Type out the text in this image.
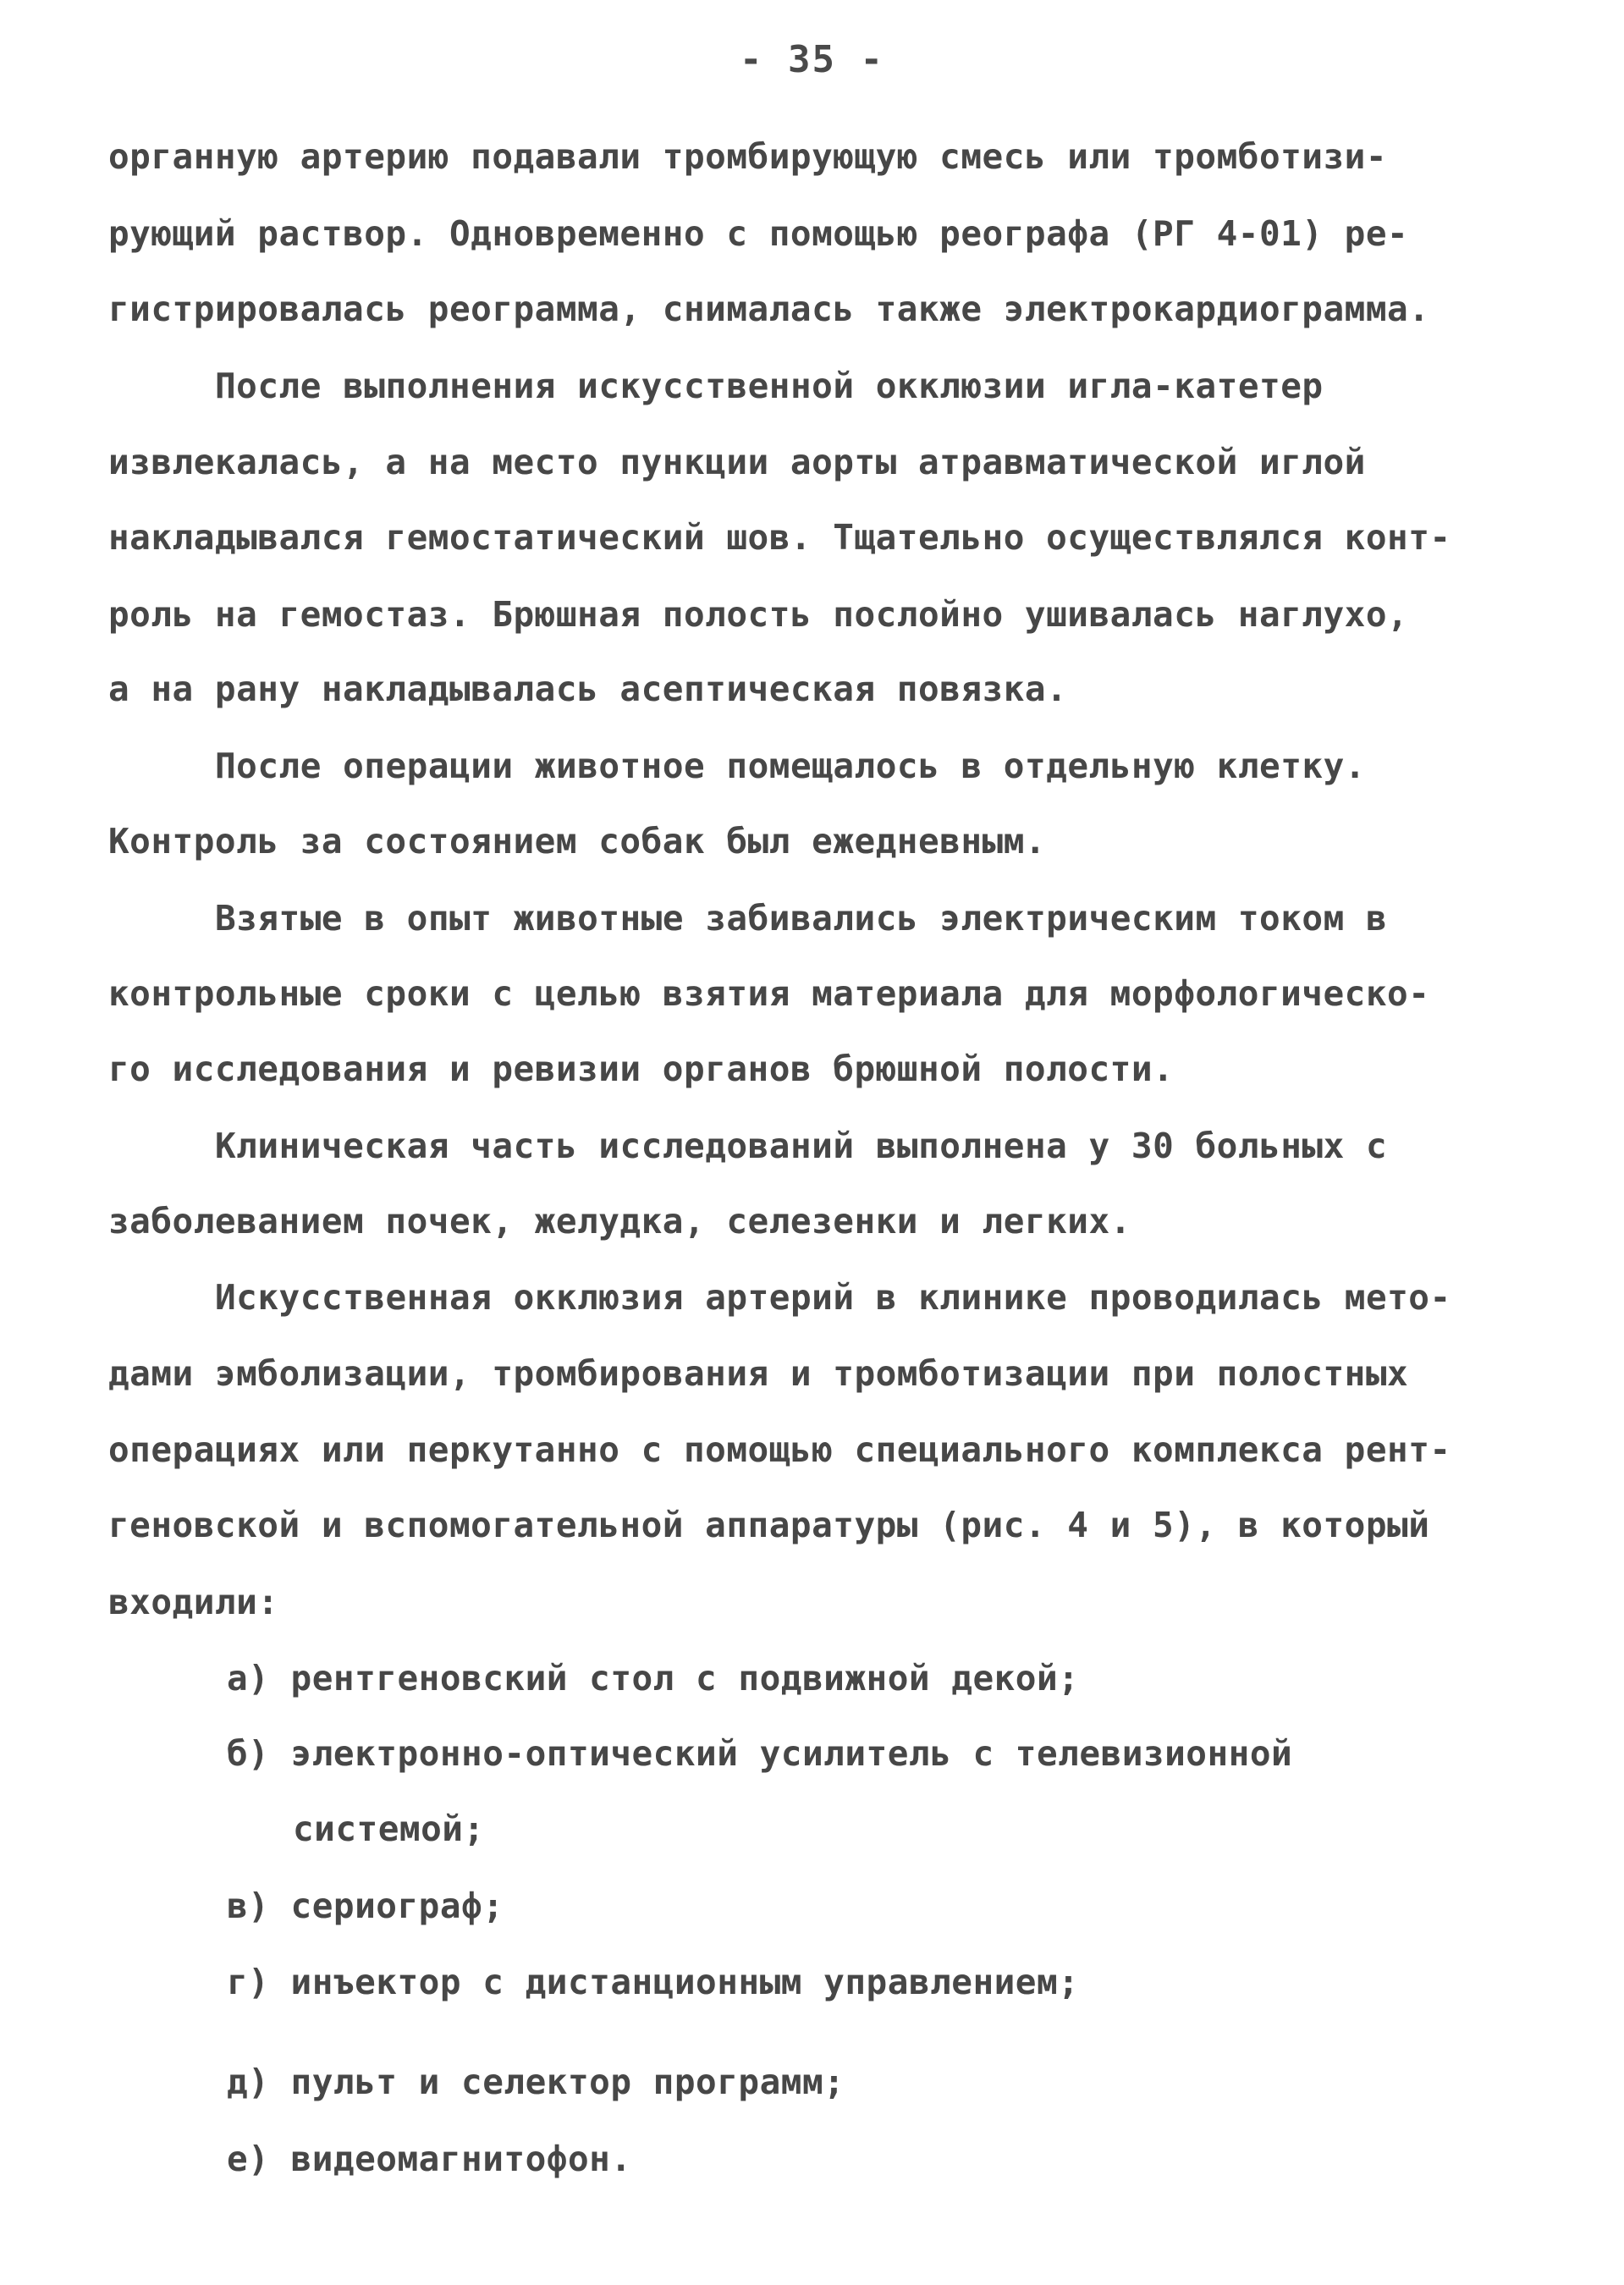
- 35 -
органную артерию подавали тромбирующую смесь или тромботизи-
рующий раствор. Одновременно с помощью реографа (РГ 4-01) ре-
гистрировалась реограмма, снималась также электрокардиограмма.
После выполнения искусственной окклюзии игла-катетер
извлекалась, а на место пункции аорты атравматической иглой
накладывался гемостатический шов. Тщательно осуществлялся конт-
роль на гемостаз. Брюшная полость послойно ушивалась наглухо,
а на рану накладывалась асептическая повязка.
После операции животное помещалось в отдельную клетку.
Контроль за состоянием собак был ежедневным.
Взятые в опыт животные забивались электрическим током в
контрольные сроки с целью взятия материала для морфологическо-
го исследования и ревизии органов брюшной полости.
Клиническая часть исследований выполнена у 30 больных с
заболеванием почек, желудка, селезенки и легких.
Искусственная окклюзия артерий в клинике проводилась мето-
дами эмболизации, тромбирования и тромботизации при полостных
операциях или перкутанно с помощью специального комплекса рент-
геновской и вспомогательной аппаратуры (рис. 4 и 5), в который
входили:
а) рентгеновский стол с подвижной декой;
б) электронно-оптический усилитель с телевизионной
системой;
в) сериограф;
г) инъектор с дистанционным управлением;
д) пульт и селектор программ;
е) видеомагнитофон.
